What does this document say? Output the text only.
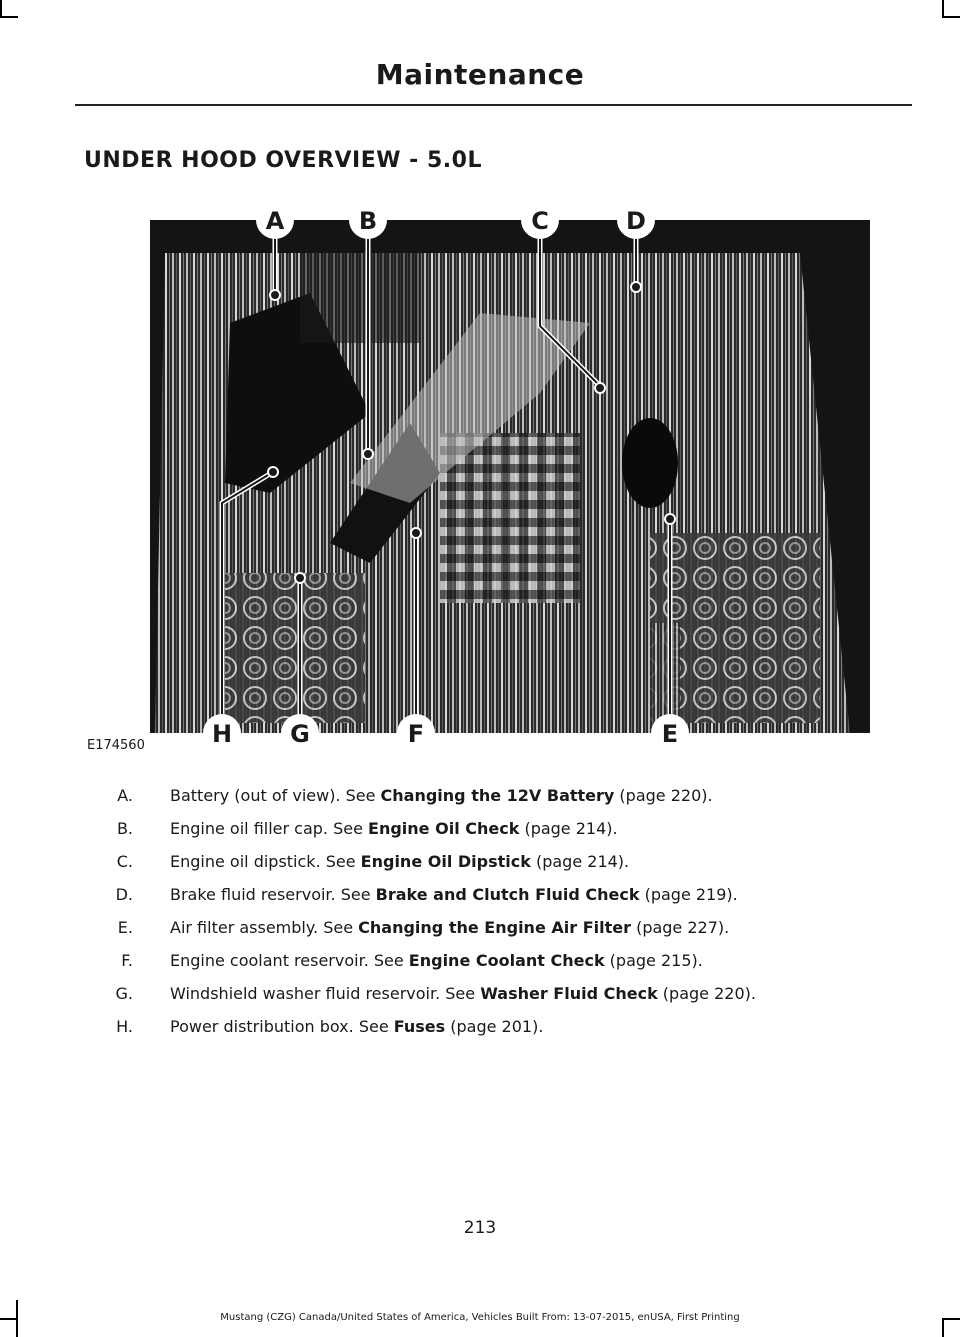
Maintenance
UNDER HOOD OVERVIEW - 5.0L
A	B	C	D
H G	F	E
E174560
A. Battery (out of view). See Changing the 12V Battery (page 220).
B. Engine oil filler cap. See Engine Oil Check (page 214).
C. Engine oil dipstick. See Engine Oil Dipstick (page 214).
D. Brake fluid reservoir. See Brake and Clutch Fluid Check (page 219).
E. Air filter assembly. See Changing the Engine Air Filter (page 227).
F. Engine coolant reservoir. See Engine Coolant Check (page 215).
G. Windshield washer fluid reservoir. See Washer Fluid Check (page 220).
H. Power distribution box. See Fuses (page 201).
213
Mustang (CZG) Canada/United States of America, Vehicles Built From: 13-07-2015, enUSA, First Printing
